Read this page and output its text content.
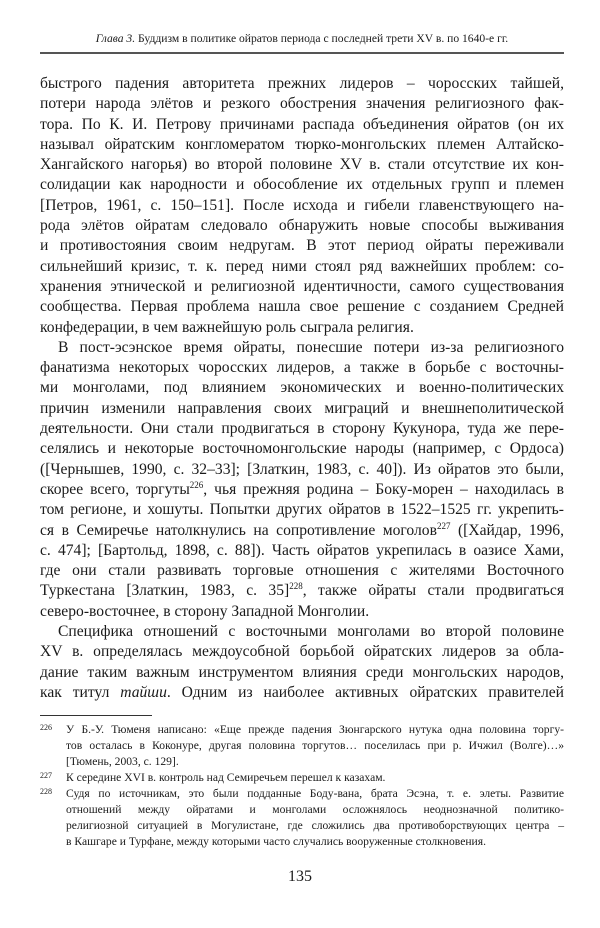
Глава 3. Буддизм в политике ойратов периода с последней трети XV в. по 1640-е гг.
быстрого падения авторитета прежних лидеров – чоросских тайшей,
потери народа элётов и резкого обострения значения религиозного фак-
тора. По К. И. Петрову причинами распада объединения ойратов (он их
называл ойратским конгломератом тюрко-монгольских племен Алтайско-
Хангайского нагорья) во второй половине XV в. стали отсутствие их кон-
солидации как народности и обособление их отдельных групп и племен
[Петров, 1961, с. 150–151]. После исхода и гибели главенствующего на-
рода элётов ойратам следовало обнаружить новые способы выживания
и противостояния своим недругам. В этот период ойраты переживали
сильнейший кризис, т. к. перед ними стоял ряд важнейших проблем: со-
хранения этнической и религиозной идентичности, самого существования
сообщества. Первая проблема нашла свое решение с созданием Средней
конфедерации, в чем важнейшую роль сыграла религия.
В пост-эсэнское время ойраты, понесшие потери из-за религиозного
фанатизма некоторых чоросских лидеров, а также в борьбе с восточны-
ми монголами, под влиянием экономических и военно-политических
причин изменили направления своих миграций и внешнеполитической
деятельности. Они стали продвигаться в сторону Кукунора, туда же пере-
селялись и некоторые восточномонгольские народы (например, с Ордоса)
([Чернышев, 1990, с. 32–33]; [Златкин, 1983, с. 40]). Из ойратов это были,
скорее всего, торгуты$^{226}$, чья прежняя родина – Боку-морен – находилась в
том регионе, и хошуты. Попытки других ойратов в 1522–1525 гг. укрепить-
ся в Семиречье натолкнулись на сопротивление моголов$^{227}$ ([Хайдар, 1996,
с. 474]; [Бартольд, 1898, с. 88]). Часть ойратов укрепилась в оазисе Хами,
где они стали развивать торговые отношения с жителями Восточного
Туркестана [Златкин, 1983, с. 35]$^{228}$, также ойраты стали продвигаться
северо-восточнее, в сторону Западной Монголии.
Специфика отношений с восточными монголами во второй половине
XV в. определялась междоусобной борьбой ойратских лидеров за обла-
дание таким важным инструментом влияния среди монгольских народов,
как титул тайши. Одним из наиболее активных ойратских правителей
226 У Б.-У. Тюменя написано: «Еще прежде падения Зюнгарского нутука одна половина торгу-
тов осталась в Коконуре, другая половина торгутов… поселилась при р. Ичжил (Волге)…»
[Тюмень, 2003, с. 129].
227 К середине XVI в. контроль над Семиречьем перешел к казахам.
228 Судя по источникам, это были подданные Боду-вана, брата Эсэна, т. е. элеты. Развитие
отношений между ойратами и монголами осложнялось неоднозначной политико-
религиозной ситуацией в Могулистане, где сложились два противоборствующих центра –
в Кашгаре и Турфане, между которыми часто случались вооруженные столкновения.
135
